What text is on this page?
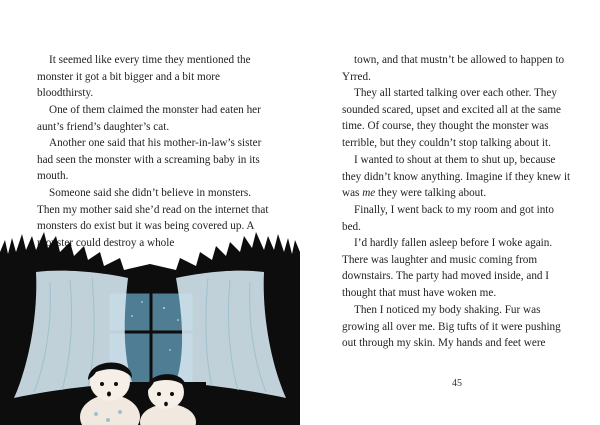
It seemed like every time they mentioned the monster it got a bit bigger and a bit more bloodthirsty.

One of them claimed the monster had eaten her aunt’s friend’s daughter’s cat.

Another one said that his mother-in-law’s sister had seen the monster with a screaming baby in its mouth.

Someone said she didn’t believe in monsters. Then my mother said she’d read on the internet that monsters do exist but it was being covered up. A monster could destroy a whole

town, and that mustn’t be allowed to happen to Yrred.

They all started talking over each other. They sounded scared, upset and excited all at the same time. Of course, they thought the monster was terrible, but they couldn’t stop talking about it.

I wanted to shout at them to shut up, because they didn’t know anything. Imagine if they knew it was me they were talking about.

Finally, I went back to my room and got into bed.

I’d hardly fallen asleep before I woke again. There was laughter and music coming from downstairs. The party had moved inside, and I thought that must have woken me.

Then I noticed my body shaking. Fur was growing all over me. Big tufts of it were pushing out through my skin. My hands and feet were

45
